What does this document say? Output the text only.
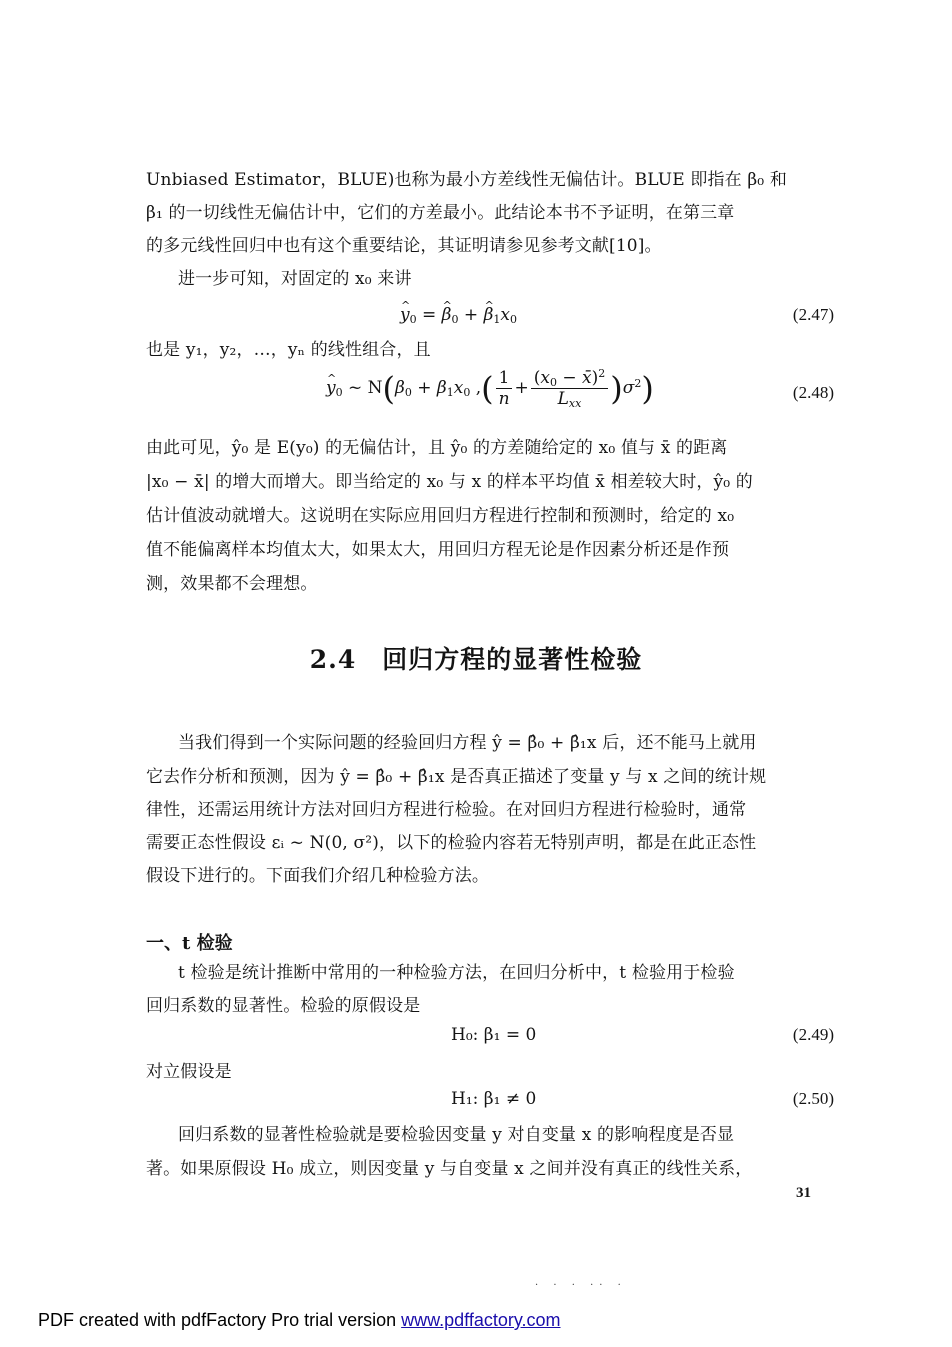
Unbiased Estimator，BLUE)也称为最小方差线性无偏估计。BLUE 即指在 β₀ 和

β₁ 的一切线性无偏估计中，它们的方差最小。此结论本书不予证明，在第三章

的多元线性回归中也有这个重要结论，其证明请参见参考文献[10]。

进一步可知，对固定的 x₀ 来讲

^ $y_0$ = ^ $\beta_0$ + ^ $\beta_1x_0$	(2.47)

也是 y₁，y₂，…，yₙ 的线性组合，且

^ $y_0$ ~ $N(\beta_0 + \beta_1x_0$ ,( $\frac{1}{n} + \frac{(x_0 - x̄)^2}{L_{xx}} )\sigma^2$)	(2.48)

由此可见，ŷ₀ 是 E(y₀) 的无偏估计，且 ŷ₀ 的方差随给定的 x₀ 值与 x̄ 的距离

|x₀ − x̄| 的增大而增大。即当给定的 x₀ 与 x 的样本平均值 x̄ 相差较大时，ŷ₀ 的

估计值波动就增大。这说明在实际应用回归方程进行控制和预测时，给定的 x₀

值不能偏离样本均值太大，如果太大，用回归方程无论是作因素分析还是作预

测，效果都不会理想。

2.4　回归方程的显著性检验

当我们得到一个实际问题的经验回归方程 ŷ = β̂₀ + β̂₁x 后，还不能马上就用

它去作分析和预测，因为 ŷ = β̂₀ + β̂₁x 是否真正描述了变量 y 与 x 之间的统计规

律性，还需运用统计方法对回归方程进行检验。在对回归方程进行检验时，通常

需要正态性假设 εᵢ ~ N(0, σ²)，以下的检验内容若无特别声明，都是在此正态性

假设下进行的。下面我们介绍几种检验方法。

一、t 检验

t 检验是统计推断中常用的一种检验方法，在回归分析中，t 检验用于检验

回归系数的显著性。检验的原假设是

H₀: β₁ = 0	(2.49)

对立假设是

H₁: β₁ ≠ 0	(2.50)

回归系数的显著性检验就是要检验因变量 y 对自变量 x 的影响程度是否显

著。如果原假设 H₀ 成立，则因变量 y 与自变量 x 之间并没有真正的线性关系，

31
· · · ·· ·
PDF created with pdfFactory Pro trial version www.pdffactory.com
